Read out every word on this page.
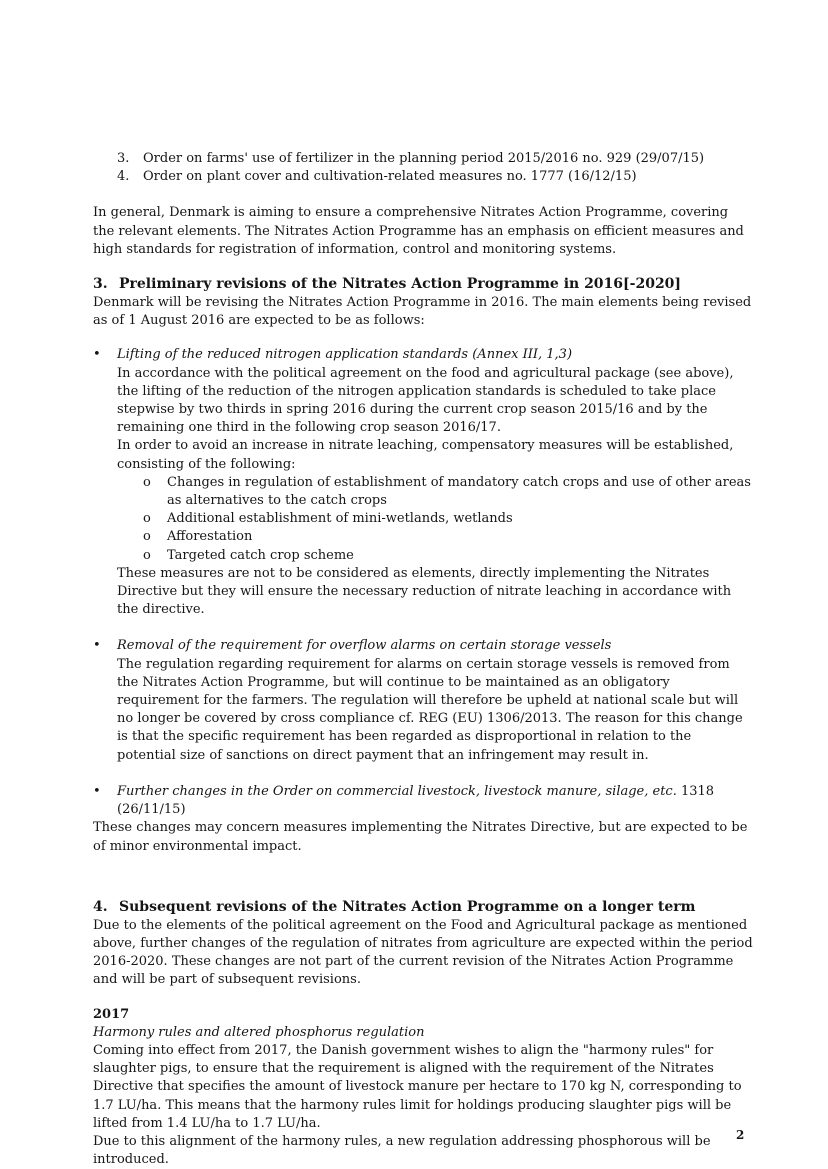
3. Order on farms' use of fertilizer in the planning period 2015/2016 no. 929 (29/07/15)
4. Order on plant cover and cultivation-related measures no. 1777 (16/12/15)

In general, Denmark is aiming to ensure a comprehensive Nitrates Action Programme, covering the relevant elements. The Nitrates Action Programme has an emphasis on efficient measures and high standards for registration of information, control and monitoring systems.

3. Preliminary revisions of the Nitrates Action Programme in 2016[-2020]

Denmark will be revising the Nitrates Action Programme in 2016. The main elements being revised as of 1 August 2016 are expected to be as follows:

•	Lifting of the reduced nitrogen application standards (Annex III, 1,3)

In accordance with the political agreement on the food and agricultural package (see above), the lifting of the reduction of the nitrogen application standards is scheduled to take place stepwise by two thirds in spring 2016 during the current crop season 2015/16 and by the remaining one third in the following crop season 2016/17.

In order to avoid an increase in nitrate leaching, compensatory measures will be established, consisting of the following:

o Changes in regulation of establishment of mandatory catch crops and use of other areas as alternatives to the catch crops
o Additional establishment of mini-wetlands, wetlands
o Afforestation
o Targeted catch crop scheme

These measures are not to be considered as elements, directly implementing the Nitrates Directive but they will ensure the necessary reduction of nitrate leaching in accordance with the directive.

•	Removal of the requirement for overflow alarms on certain storage vessels

The regulation regarding requirement for alarms on certain storage vessels is removed from the Nitrates Action Programme, but will continue to be maintained as an obligatory requirement for the farmers. The regulation will therefore be upheld at national scale but will no longer be covered by cross compliance cf. REG (EU) 1306/2013. The reason for this change is that the specific requirement has been regarded as disproportional in relation to the potential size of sanctions on direct payment that an infringement may result in.

•	Further changes in the Order on commercial livestock, livestock manure, silage, etc. 1318 (26/11/15)

These changes may concern measures implementing the Nitrates Directive, but are expected to be of minor environmental impact.

4. Subsequent revisions of the Nitrates Action Programme on a longer term

Due to the elements of the political agreement on the Food and Agricultural package as mentioned above, further changes of the regulation of nitrates from agriculture are expected within the period 2016-2020. These changes are not part of the current revision of the Nitrates Action Programme and will be part of subsequent revisions.

2017

Harmony rules and altered phosphorus regulation

Coming into effect from 2017, the Danish government wishes to align the "harmony rules" for slaughter pigs, to ensure that the requirement is aligned with the requirement of the Nitrates Directive that specifies the amount of livestock manure per hectare to 170 kg N, corresponding to 1.7 LU/ha. This means that the harmony rules limit for holdings producing slaughter pigs will be lifted from 1.4 LU/ha to 1.7 LU/ha.

Due to this alignment of the harmony rules, a new regulation addressing phosphorous will be introduced.

2
